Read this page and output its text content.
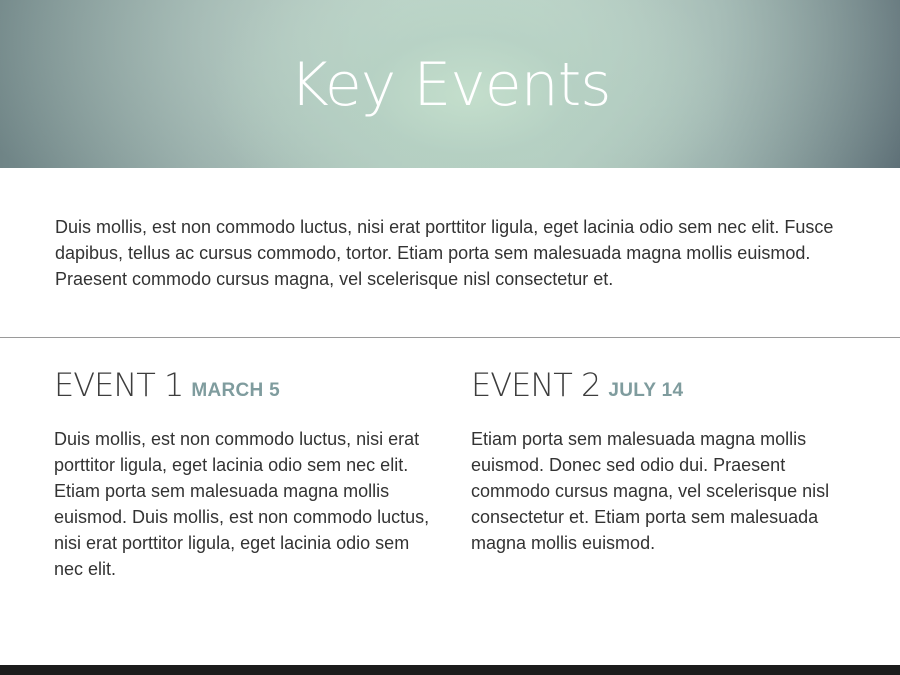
Key Events

Duis mollis, est non commodo luctus, nisi erat porttitor ligula, eget lacinia odio sem nec elit. Fusce dapibus, tellus ac cursus commodo, tortor. Etiam porta sem malesuada magna mollis euismod. Praesent commodo cursus magna, vel scelerisque nisl consectetur et.

EVENT 1 MARCH 5

Duis mollis, est non commodo luctus, nisi erat porttitor ligula, eget lacinia odio sem nec elit. Etiam porta sem malesuada magna mollis euismod. Duis mollis, est non commodo luctus, nisi erat porttitor ligula, eget lacinia odio sem nec elit.

EVENT 2 JULY 14

Etiam porta sem malesuada magna mollis euismod. Donec sed odio dui. Praesent commodo cursus magna, vel scelerisque nisl consectetur et. Etiam porta sem malesuada magna mollis euismod.
